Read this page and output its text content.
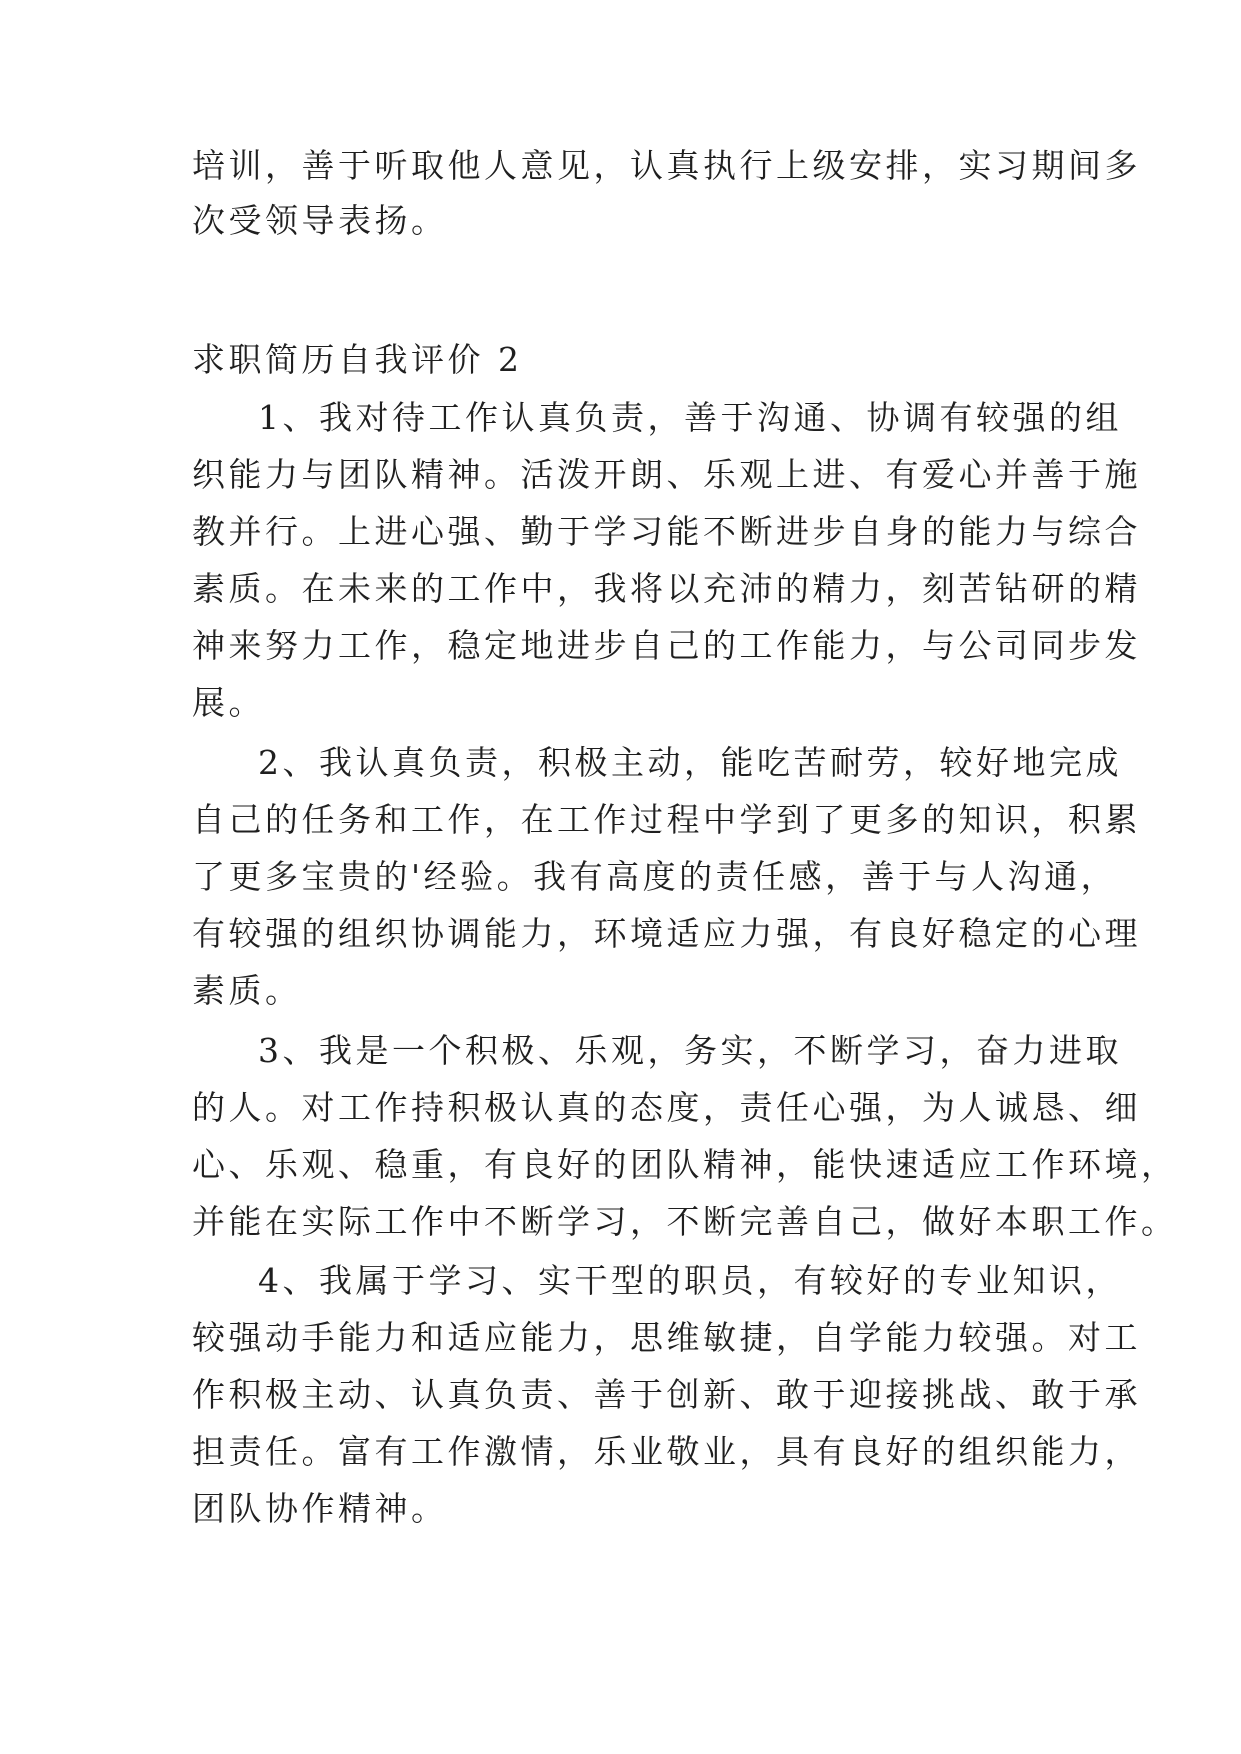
培训，善于听取他人意见，认真执行上级安排，实习期间多

次受领导表扬。

求职简历自我评价 2

1、我对待工作认真负责，善于沟通、协调有较强的组

织能力与团队精神。活泼开朗、乐观上进、有爱心并善于施

教并行。上进心强、勤于学习能不断进步自身的能力与综合

素质。在未来的工作中，我将以充沛的精力，刻苦钻研的精

神来努力工作，稳定地进步自己的工作能力，与公司同步发

展。

2、我认真负责，积极主动，能吃苦耐劳，较好地完成

自己的任务和工作，在工作过程中学到了更多的知识，积累

了更多宝贵的'经验。我有高度的责任感，善于与人沟通，

有较强的组织协调能力，环境适应力强，有良好稳定的心理

素质。

3、我是一个积极、乐观，务实，不断学习，奋力进取

的人。对工作持积极认真的态度，责任心强，为人诚恳、细

心、乐观、稳重，有良好的团队精神，能快速适应工作环境，

并能在实际工作中不断学习，不断完善自己，做好本职工作。

4、我属于学习、实干型的职员，有较好的专业知识，

较强动手能力和适应能力，思维敏捷，自学能力较强。对工

作积极主动、认真负责、善于创新、敢于迎接挑战、敢于承

担责任。富有工作激情，乐业敬业，具有良好的组织能力，

团队协作精神。
